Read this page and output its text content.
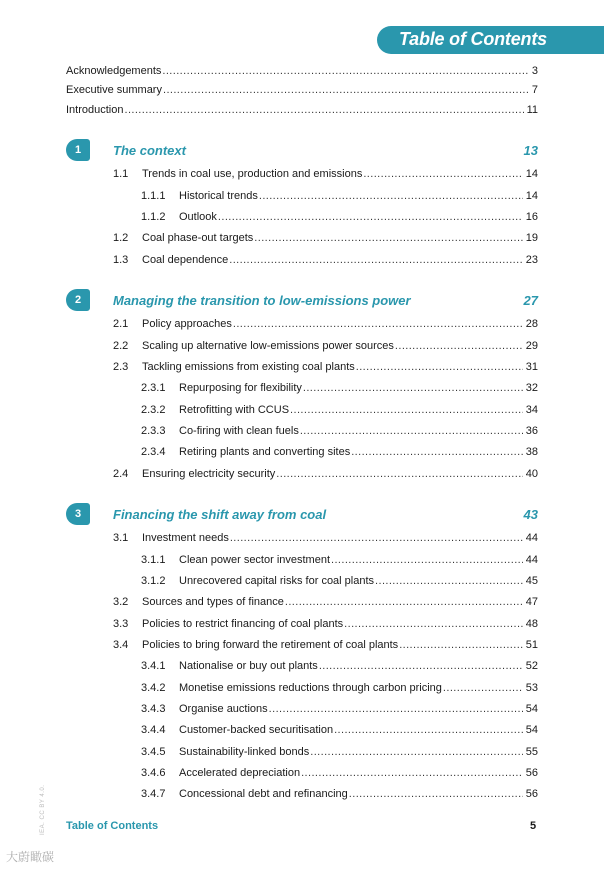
Table of Contents
Acknowledgements .....	3
Executive summary .....	7
Introduction .....	11
1	The context	13
1.1	Trends in coal use, production and emissions .....	14
1.1.1	Historical trends .....	14
1.1.2	Outlook .....	16
1.2	Coal phase-out targets .....	19
1.3	Coal dependence .....	23
2	Managing the transition to low-emissions power	27
2.1	Policy approaches .....	28
2.2	Scaling up alternative low-emissions power sources .....	29
2.3	Tackling emissions from existing coal plants .....	31
2.3.1	Repurposing for flexibility .....	32
2.3.2	Retrofitting with CCUS .....	34
2.3.3	Co-firing with clean fuels .....	36
2.3.4	Retiring plants and converting sites .....	38
2.4	Ensuring electricity security .....	40
3	Financing the shift away from coal	43
3.1	Investment needs .....	44
3.1.1	Clean power sector investment .....	44
3.1.2	Unrecovered capital risks for coal plants .....	45
3.2	Sources and types of finance .....	47
3.3	Policies to restrict financing of coal plants .....	48
3.4	Policies to bring forward the retirement of coal plants .....	51
3.4.1	Nationalise or buy out plants .....	52
3.4.2	Monetise emissions reductions through carbon pricing .....	53
3.4.3	Organise auctions .....	54
3.4.4	Customer-backed securitisation .....	54
3.4.5	Sustainability-linked bonds .....	55
3.4.6	Accelerated depreciation .....	56
3.4.7	Concessional debt and refinancing .....	56
Table of Contents	5
IEA. CC BY 4.0.
大蔚瞰碳
